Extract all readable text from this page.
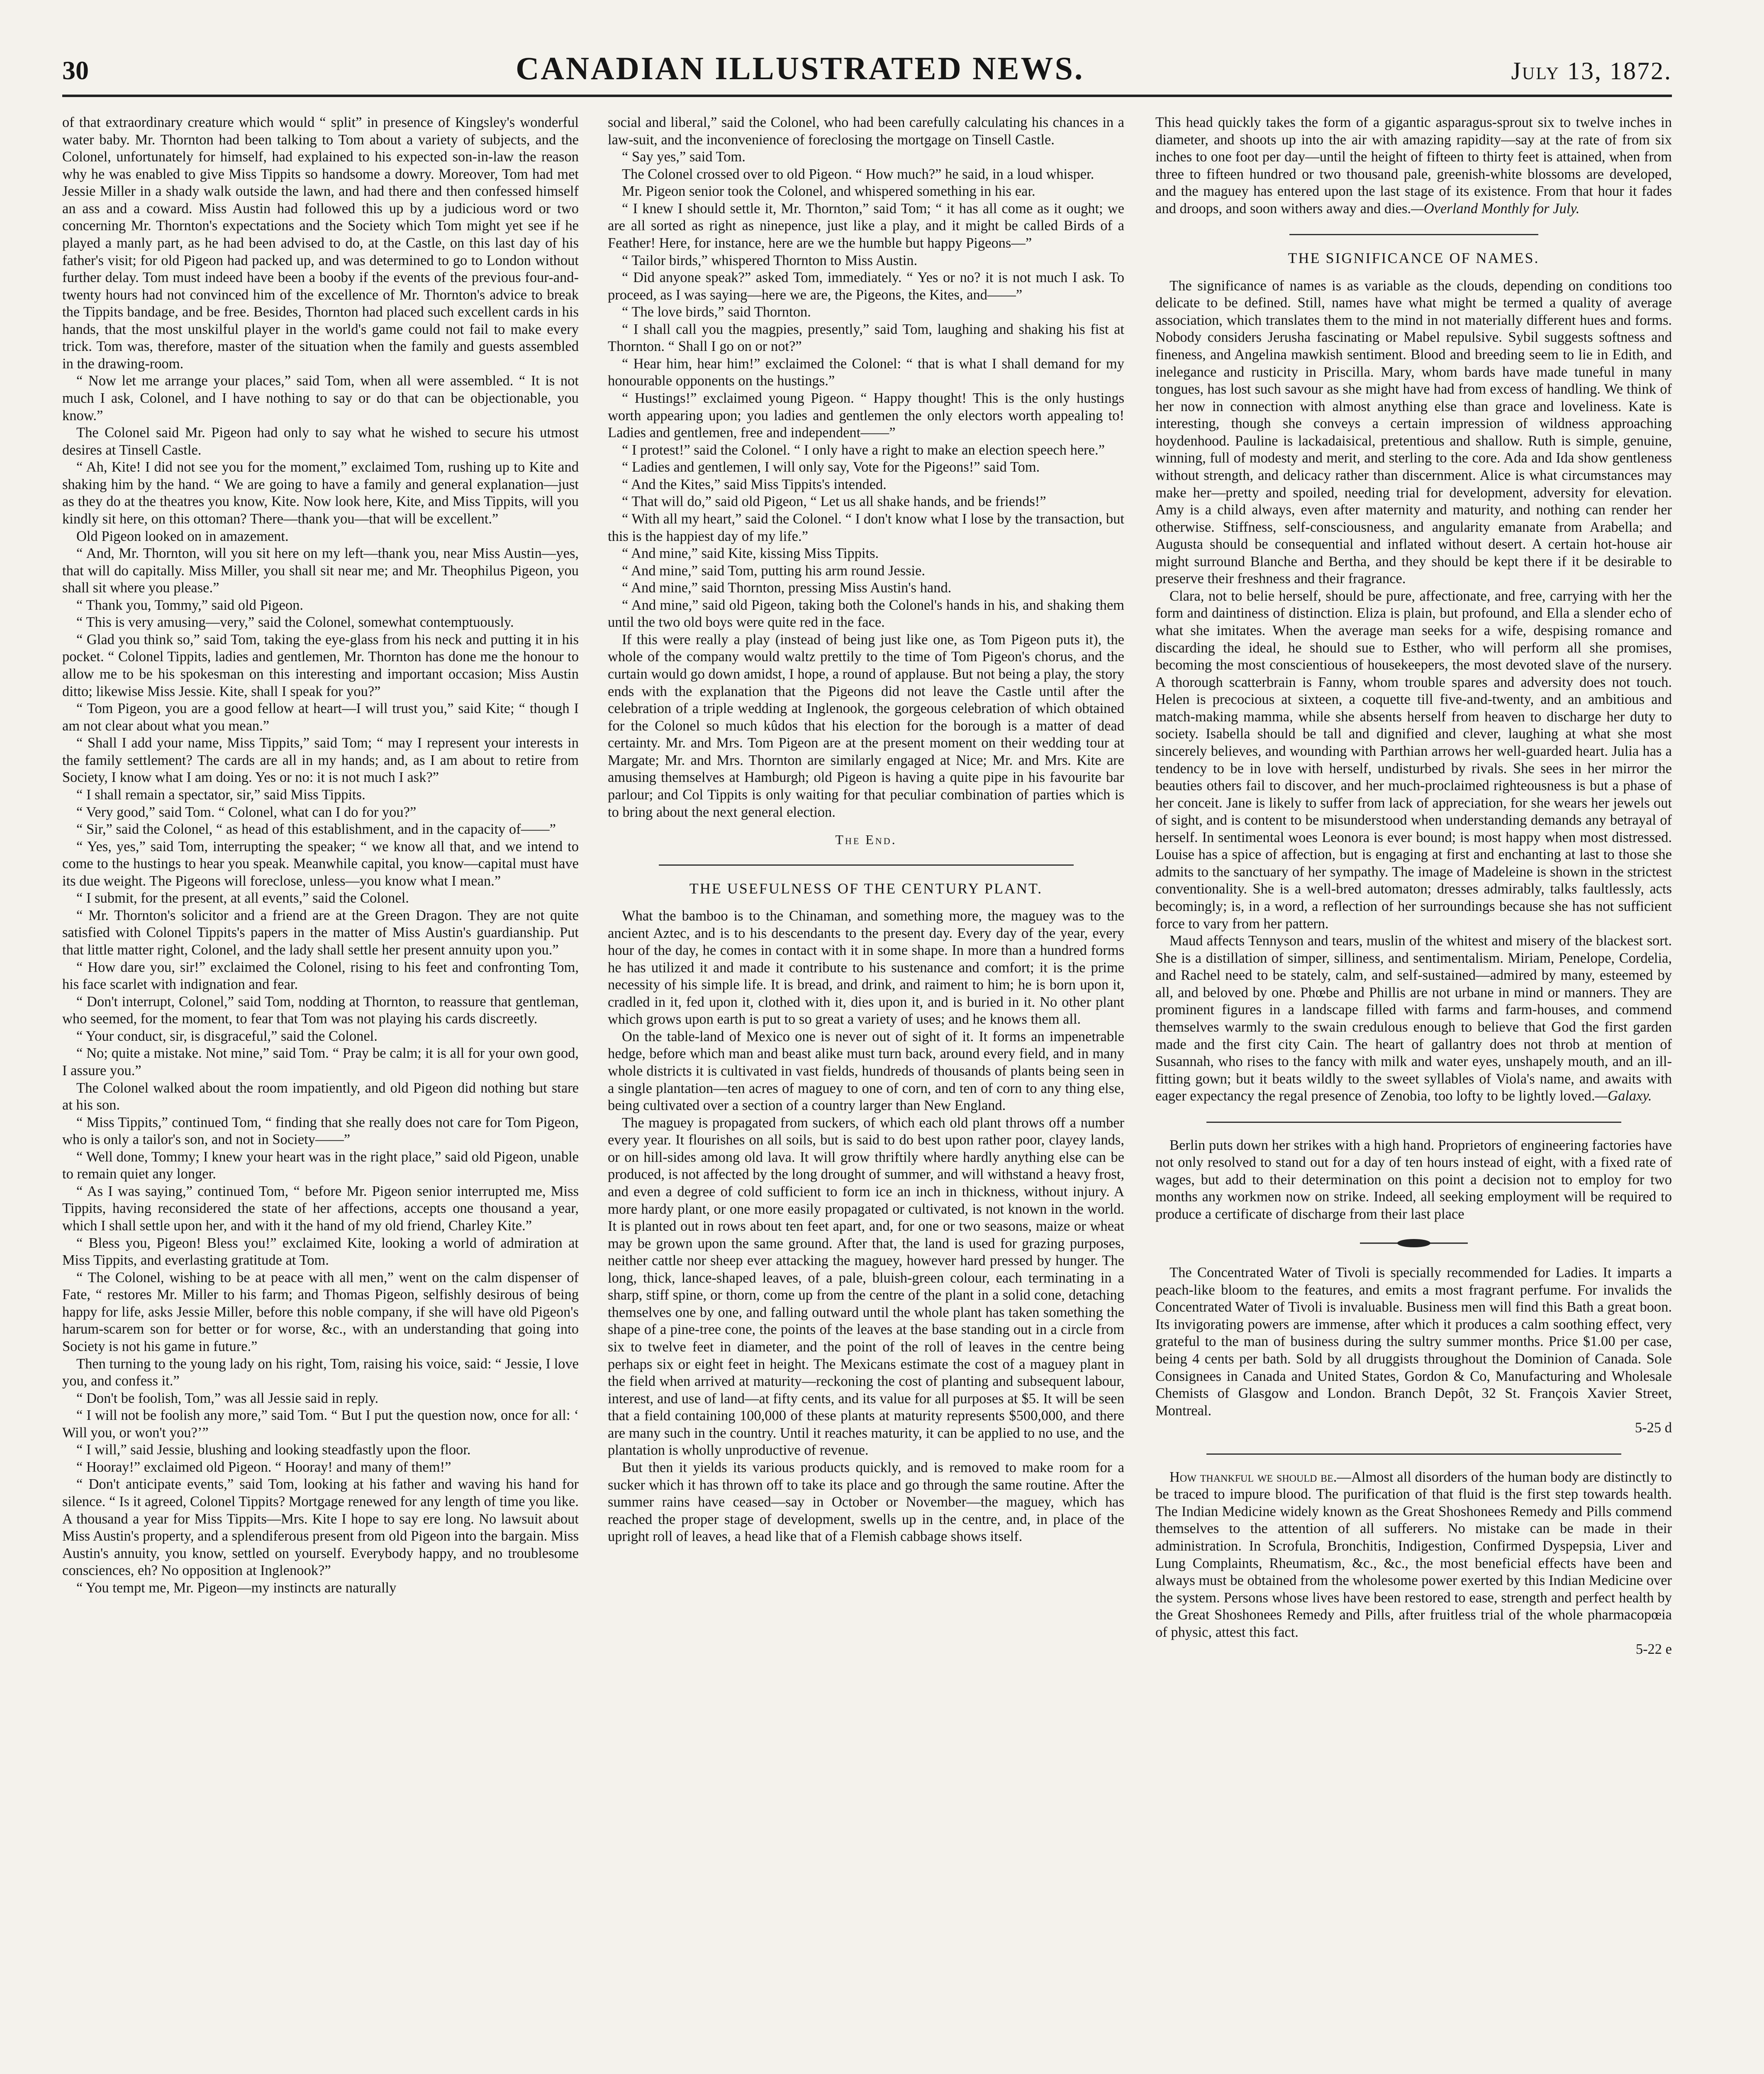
30	CANADIAN ILLUSTRATED NEWS.	July 13, 1872.

of that extraordinary creature which would “ split” in presence of Kingsley's wonderful water baby. Mr. Thornton had been talking to Tom about a variety of subjects, and the Colonel, unfortunately for himself, had explained to his expected son-in-law the reason why he was enabled to give Miss Tippits so handsome a dowry. Moreover, Tom had met Jessie Miller in a shady walk outside the lawn, and had there and then confessed himself an ass and a coward. Miss Austin had followed this up by a judicious word or two concerning Mr. Thornton's expectations and the Society which Tom might yet see if he played a manly part, as he had been advised to do, at the Castle, on this last day of his father's visit; for old Pigeon had packed up, and was determined to go to London without further delay. Tom must indeed have been a booby if the events of the previous four-and-twenty hours had not convinced him of the excellence of Mr. Thornton's advice to break the Tippits bandage, and be free. Besides, Thornton had placed such excellent cards in his hands, that the most unskilful player in the world's game could not fail to make every trick. Tom was, therefore, master of the situation when the family and guests assembled in the drawing-room.

“ Now let me arrange your places,” said Tom, when all were assembled. “ It is not much I ask, Colonel, and I have nothing to say or do that can be objectionable, you know.”

The Colonel said Mr. Pigeon had only to say what he wished to secure his utmost desires at Tinsell Castle.

“ Ah, Kite! I did not see you for the moment,” exclaimed Tom, rushing up to Kite and shaking him by the hand. “ We are going to have a family and general explanation—just as they do at the theatres you know, Kite. Now look here, Kite, and Miss Tippits, will you kindly sit here, on this ottoman? There—thank you—that will be excellent.”

Old Pigeon looked on in amazement.

“ And, Mr. Thornton, will you sit here on my left—thank you, near Miss Austin—yes, that will do capitally. Miss Miller, you shall sit near me; and Mr. Theophilus Pigeon, you shall sit where you please.”

“ Thank you, Tommy,” said old Pigeon.

“ This is very amusing—very,” said the Colonel, somewhat contemptuously.

“ Glad you think so,” said Tom, taking the eye-glass from his neck and putting it in his pocket. “ Colonel Tippits, ladies and gentlemen, Mr. Thornton has done me the honour to allow me to be his spokesman on this interesting and important occasion; Miss Austin ditto; likewise Miss Jessie. Kite, shall I speak for you?”

“ Tom Pigeon, you are a good fellow at heart—I will trust you,” said Kite; “ though I am not clear about what you mean.”

“ Shall I add your name, Miss Tippits,” said Tom; “ may I represent your interests in the family settlement? The cards are all in my hands; and, as I am about to retire from Society, I know what I am doing. Yes or no: it is not much I ask?”

“ I shall remain a spectator, sir,” said Miss Tippits.

“ Very good,” said Tom. “ Colonel, what can I do for you?”

“ Sir,” said the Colonel, “ as head of this establishment, and in the capacity of——”

“ Yes, yes,” said Tom, interrupting the speaker; “ we know all that, and we intend to come to the hustings to hear you speak. Meanwhile capital, you know—capital must have its due weight. The Pigeons will foreclose, unless—you know what I mean.”

“ I submit, for the present, at all events,” said the Colonel.

“ Mr. Thornton's solicitor and a friend are at the Green Dragon. They are not quite satisfied with Colonel Tippits's papers in the matter of Miss Austin's guardianship. Put that little matter right, Colonel, and the lady shall settle her present annuity upon you.”

“ How dare you, sir!” exclaimed the Colonel, rising to his feet and confronting Tom, his face scarlet with indignation and fear.

“ Don't interrupt, Colonel,” said Tom, nodding at Thornton, to reassure that gentleman, who seemed, for the moment, to fear that Tom was not playing his cards discreetly.

“ Your conduct, sir, is disgraceful,” said the Colonel.

“ No; quite a mistake. Not mine,” said Tom. “ Pray be calm; it is all for your own good, I assure you.”

The Colonel walked about the room impatiently, and old Pigeon did nothing but stare at his son.

“ Miss Tippits,” continued Tom, “ finding that she really does not care for Tom Pigeon, who is only a tailor's son, and not in Society——”

“ Well done, Tommy; I knew your heart was in the right place,” said old Pigeon, unable to remain quiet any longer.

“ As I was saying,” continued Tom, “ before Mr. Pigeon senior interrupted me, Miss Tippits, having reconsidered the state of her affections, accepts one thousand a year, which I shall settle upon her, and with it the hand of my old friend, Charley Kite.”

“ Bless you, Pigeon! Bless you!” exclaimed Kite, looking a world of admiration at Miss Tippits, and everlasting gratitude at Tom.

“ The Colonel, wishing to be at peace with all men,” went on the calm dispenser of Fate, “ restores Mr. Miller to his farm; and Thomas Pigeon, selfishly desirous of being happy for life, asks Jessie Miller, before this noble company, if she will have old Pigeon's harum-scarem son for better or for worse, &c., with an understanding that going into Society is not his game in future.”

Then turning to the young lady on his right, Tom, raising his voice, said: “ Jessie, I love you, and confess it.”

“ Don't be foolish, Tom,” was all Jessie said in reply.

“ I will not be foolish any more,” said Tom. “ But I put the question now, once for all: ‘ Will you, or won't you?’”

“ I will,” said Jessie, blushing and looking steadfastly upon the floor.

“ Hooray!” exclaimed old Pigeon. “ Hooray! and many of them!”

“ Don't anticipate events,” said Tom, looking at his father and waving his hand for silence. “ Is it agreed, Colonel Tippits? Mortgage renewed for any length of time you like. A thousand a year for Miss Tippits—Mrs. Kite I hope to say ere long. No lawsuit about Miss Austin's property, and a splendiferous present from old Pigeon into the bargain. Miss Austin's annuity, you know, settled on yourself. Everybody happy, and no troublesome consciences, eh? No opposition at Inglenook?”

“ You tempt me, Mr. Pigeon—my instincts are naturally

social and liberal,” said the Colonel, who had been carefully calculating his chances in a law-suit, and the inconvenience of foreclosing the mortgage on Tinsell Castle.

“ Say yes,” said Tom.

The Colonel crossed over to old Pigeon. “ How much?” he said, in a loud whisper.

Mr. Pigeon senior took the Colonel, and whispered something in his ear.

“ I knew I should settle it, Mr. Thornton,” said Tom; “ it has all come as it ought; we are all sorted as right as ninepence, just like a play, and it might be called Birds of a Feather! Here, for instance, here are we the humble but happy Pigeons—”

“ Tailor birds,” whispered Thornton to Miss Austin.

“ Did anyone speak?” asked Tom, immediately. “ Yes or no? it is not much I ask. To proceed, as I was saying—here we are, the Pigeons, the Kites, and——”

“ The love birds,” said Thornton.

“ I shall call you the magpies, presently,” said Tom, laughing and shaking his fist at Thornton. “ Shall I go on or not?”

“ Hear him, hear him!” exclaimed the Colonel: “ that is what I shall demand for my honourable opponents on the hustings.”

“ Hustings!” exclaimed young Pigeon. “ Happy thought! This is the only hustings worth appearing upon; you ladies and gentlemen the only electors worth appealing to! Ladies and gentlemen, free and independent——”

“ I protest!” said the Colonel. “ I only have a right to make an election speech here.”

“ Ladies and gentlemen, I will only say, Vote for the Pigeons!” said Tom.

“ And the Kites,” said Miss Tippits's intended.

“ That will do,” said old Pigeon, “ Let us all shake hands, and be friends!”

“ With all my heart,” said the Colonel. “ I don't know what I lose by the transaction, but this is the happiest day of my life.”

“ And mine,” said Kite, kissing Miss Tippits.

“ And mine,” said Tom, putting his arm round Jessie.

“ And mine,” said Thornton, pressing Miss Austin's hand.

“ And mine,” said old Pigeon, taking both the Colonel's hands in his, and shaking them until the two old boys were quite red in the face.

If this were really a play (instead of being just like one, as Tom Pigeon puts it), the whole of the company would waltz prettily to the time of Tom Pigeon's chorus, and the curtain would go down amidst, I hope, a round of applause. But not being a play, the story ends with the explanation that the Pigeons did not leave the Castle until after the celebration of a triple wedding at Inglenook, the gorgeous celebration of which obtained for the Colonel so much kûdos that his election for the borough is a matter of dead certainty. Mr. and Mrs. Tom Pigeon are at the present moment on their wedding tour at Margate; Mr. and Mrs. Thornton are similarly engaged at Nice; Mr. and Mrs. Kite are amusing themselves at Hamburgh; old Pigeon is having a quite pipe in his favourite bar parlour; and Col Tippits is only waiting for that peculiar combination of parties which is to bring about the next general election.

The End.
THE USEFULNESS OF THE CENTURY PLANT.

What the bamboo is to the Chinaman, and something more, the maguey was to the ancient Aztec, and is to his descendants to the present day. Every day of the year, every hour of the day, he comes in contact with it in some shape. In more than a hundred forms he has utilized it and made it contribute to his sustenance and comfort; it is the prime necessity of his simple life. It is bread, and drink, and raiment to him; he is born upon it, cradled in it, fed upon it, clothed with it, dies upon it, and is buried in it. No other plant which grows upon earth is put to so great a variety of uses; and he knows them all.

On the table-land of Mexico one is never out of sight of it. It forms an impenetrable hedge, before which man and beast alike must turn back, around every field, and in many whole districts it is cultivated in vast fields, hundreds of thousands of plants being seen in a single plantation—ten acres of maguey to one of corn, and ten of corn to any thing else, being cultivated over a section of a country larger than New England.

The maguey is propagated from suckers, of which each old plant throws off a number every year. It flourishes on all soils, but is said to do best upon rather poor, clayey lands, or on hill-sides among old lava. It will grow thriftily where hardly anything else can be produced, is not affected by the long drought of summer, and will withstand a heavy frost, and even a degree of cold sufficient to form ice an inch in thickness, without injury. A more hardy plant, or one more easily propagated or cultivated, is not known in the world. It is planted out in rows about ten feet apart, and, for one or two seasons, maize or wheat may be grown upon the same ground. After that, the land is used for grazing purposes, neither cattle nor sheep ever attacking the maguey, however hard pressed by hunger. The long, thick, lance-shaped leaves, of a pale, bluish-green colour, each terminating in a sharp, stiff spine, or thorn, come up from the centre of the plant in a solid cone, detaching themselves one by one, and falling outward until the whole plant has taken something the shape of a pine-tree cone, the points of the leaves at the base standing out in a circle from six to twelve feet in diameter, and the point of the roll of leaves in the centre being perhaps six or eight feet in height. The Mexicans estimate the cost of a maguey plant in the field when arrived at maturity—reckoning the cost of planting and subsequent labour, interest, and use of land—at fifty cents, and its value for all purposes at $5. It will be seen that a field containing 100,000 of these plants at maturity represents $500,000, and there are many such in the country. Until it reaches maturity, it can be applied to no use, and the plantation is wholly unproductive of revenue.

But then it yields its various products quickly, and is removed to make room for a sucker which it has thrown off to take its place and go through the same routine. After the summer rains have ceased—say in October or November—the maguey, which has reached the proper stage of development, swells up in the centre, and, in place of the upright roll of leaves, a head like that of a Flemish cabbage shows itself.

This head quickly takes the form of a gigantic asparagus-sprout six to twelve inches in diameter, and shoots up into the air with amazing rapidity—say at the rate of from six inches to one foot per day—until the height of fifteen to thirty feet is attained, when from three to fifteen hundred or two thousand pale, greenish-white blossoms are developed, and the maguey has entered upon the last stage of its existence. From that hour it fades and droops, and soon withers away and dies.—Overland Monthly for July.

THE SIGNIFICANCE OF NAMES.

The significance of names is as variable as the clouds, depending on conditions too delicate to be defined. Still, names have what might be termed a quality of average association, which translates them to the mind in not materially different hues and forms. Nobody considers Jerusha fascinating or Mabel repulsive. Sybil suggests softness and fineness, and Angelina mawkish sentiment. Blood and breeding seem to lie in Edith, and inelegance and rusticity in Priscilla. Mary, whom bards have made tuneful in many tongues, has lost such savour as she might have had from excess of handling. We think of her now in connection with almost anything else than grace and loveliness. Kate is interesting, though she conveys a certain impression of wildness approaching hoydenhood. Pauline is lackadaisical, pretentious and shallow. Ruth is simple, genuine, winning, full of modesty and merit, and sterling to the core. Ada and Ida show gentleness without strength, and delicacy rather than discernment. Alice is what circumstances may make her—pretty and spoiled, needing trial for development, adversity for elevation. Amy is a child always, even after maternity and maturity, and nothing can render her otherwise. Stiffness, self-consciousness, and angularity emanate from Arabella; and Augusta should be consequential and inflated without desert. A certain hot-house air might surround Blanche and Bertha, and they should be kept there if it be desirable to preserve their freshness and their fragrance.

Clara, not to belie herself, should be pure, affectionate, and free, carrying with her the form and daintiness of distinction. Eliza is plain, but profound, and Ella a slender echo of what she imitates. When the average man seeks for a wife, despising romance and discarding the ideal, he should sue to Esther, who will perform all she promises, becoming the most conscientious of housekeepers, the most devoted slave of the nursery. A thorough scatterbrain is Fanny, whom trouble spares and adversity does not touch. Helen is precocious at sixteen, a coquette till five-and-twenty, and an ambitious and match-making mamma, while she absents herself from heaven to discharge her duty to society. Isabella should be tall and dignified and clever, laughing at what she most sincerely believes, and wounding with Parthian arrows her well-guarded heart. Julia has a tendency to be in love with herself, undisturbed by rivals. She sees in her mirror the beauties others fail to discover, and her much-proclaimed righteousness is but a phase of her conceit. Jane is likely to suffer from lack of appreciation, for she wears her jewels out of sight, and is content to be misunderstood when understanding demands any betrayal of herself. In sentimental woes Leonora is ever bound; is most happy when most distressed. Louise has a spice of affection, but is engaging at first and enchanting at last to those she admits to the sanctuary of her sympathy. The image of Madeleine is shown in the strictest conventionality. She is a well-bred automaton; dresses admirably, talks faultlessly, acts becomingly; is, in a word, a reflection of her surroundings because she has not sufficient force to vary from her pattern.

Maud affects Tennyson and tears, muslin of the whitest and misery of the blackest sort. She is a distillation of simper, silliness, and sentimentalism. Miriam, Penelope, Cordelia, and Rachel need to be stately, calm, and self-sustained—admired by many, esteemed by all, and beloved by one. Phœbe and Phillis are not urbane in mind or manners. They are prominent figures in a landscape filled with farms and farm-houses, and commend themselves warmly to the swain credulous enough to believe that God the first garden made and the first city Cain. The heart of gallantry does not throb at mention of Susannah, who rises to the fancy with milk and water eyes, unshapely mouth, and an ill-fitting gown; but it beats wildly to the sweet syllables of Viola's name, and awaits with eager expectancy the regal presence of Zenobia, too lofty to be lightly loved.—Galaxy.

Berlin puts down her strikes with a high hand. Proprietors of engineering factories have not only resolved to stand out for a day of ten hours instead of eight, with a fixed rate of wages, but add to their determination on this point a decision not to employ for two months any workmen now on strike. Indeed, all seeking employment will be required to produce a certificate of discharge from their last place

The Concentrated Water of Tivoli is specially recommended for Ladies. It imparts a peach-like bloom to the features, and emits a most fragrant perfume. For invalids the Concentrated Water of Tivoli is invaluable. Business men will find this Bath a great boon. Its invigorating powers are immense, after which it produces a calm soothing effect, very grateful to the man of business during the sultry summer months. Price $1.00 per case, being 4 cents per bath. Sold by all druggists throughout the Dominion of Canada. Sole Consignees in Canada and United States, Gordon & Co, Manufacturing and Wholesale Chemists of Glasgow and London. Branch Depôt, 32 St. François Xavier Street, Montreal.

5-25 d

How thankful we should be.—Almost all disorders of the human body are distinctly to be traced to impure blood. The purification of that fluid is the first step towards health. The Indian Medicine widely known as the Great Shoshonees Remedy and Pills commend themselves to the attention of all sufferers. No mistake can be made in their administration. In Scrofula, Bronchitis, Indigestion, Confirmed Dyspepsia, Liver and Lung Complaints, Rheumatism, &c., &c., the most beneficial effects have been and always must be obtained from the wholesome power exerted by this Indian Medicine over the system. Persons whose lives have been restored to ease, strength and perfect health by the Great Shoshonees Remedy and Pills, after fruitless trial of the whole pharmacopœia of physic, attest this fact.

5-22 e
